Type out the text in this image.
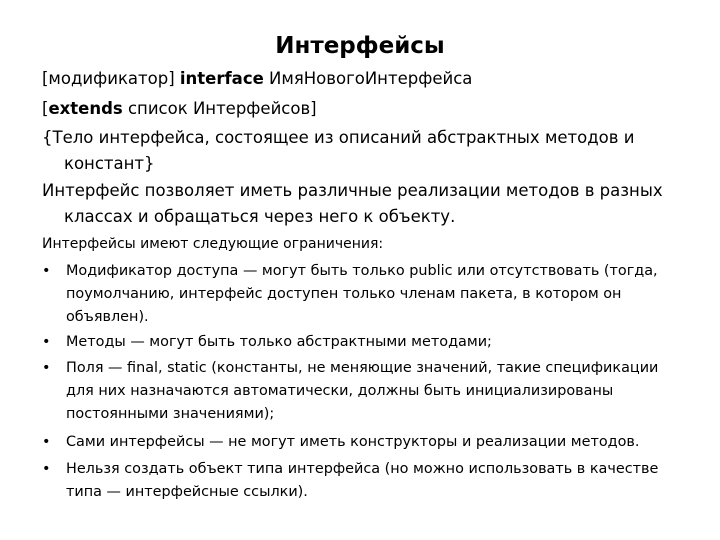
Интерфейсы

[модификатор] interface ИмяНовогоИнтерфейса

[extends список Интерфейсов]

{Тело интерфейса, состоящее из описаний абстрактных методов и констант}

Интерфейс позволяет иметь различные реализации методов в разных классах и обращаться через него к объекту.

Интерфейсы имеют следующие ограничения:

•	Модификатор доступа — могут быть только public или отсутствовать (тогда, поумолчанию, интерфейс доступен только членам пакета, в котором он объявлен).
•	Методы — могут быть только абстрактными методами;
•	Поля — final, static (константы, не меняющие значений, такие спецификации для них назначаются автоматически, должны быть инициализированы постоянными значениями);
•	Сами интерфейсы — не могут иметь конструкторы и реализации методов.
•	Нельзя создать объект типа интерфейса (но можно использовать в качестве типа — интерфейсные ссылки).
